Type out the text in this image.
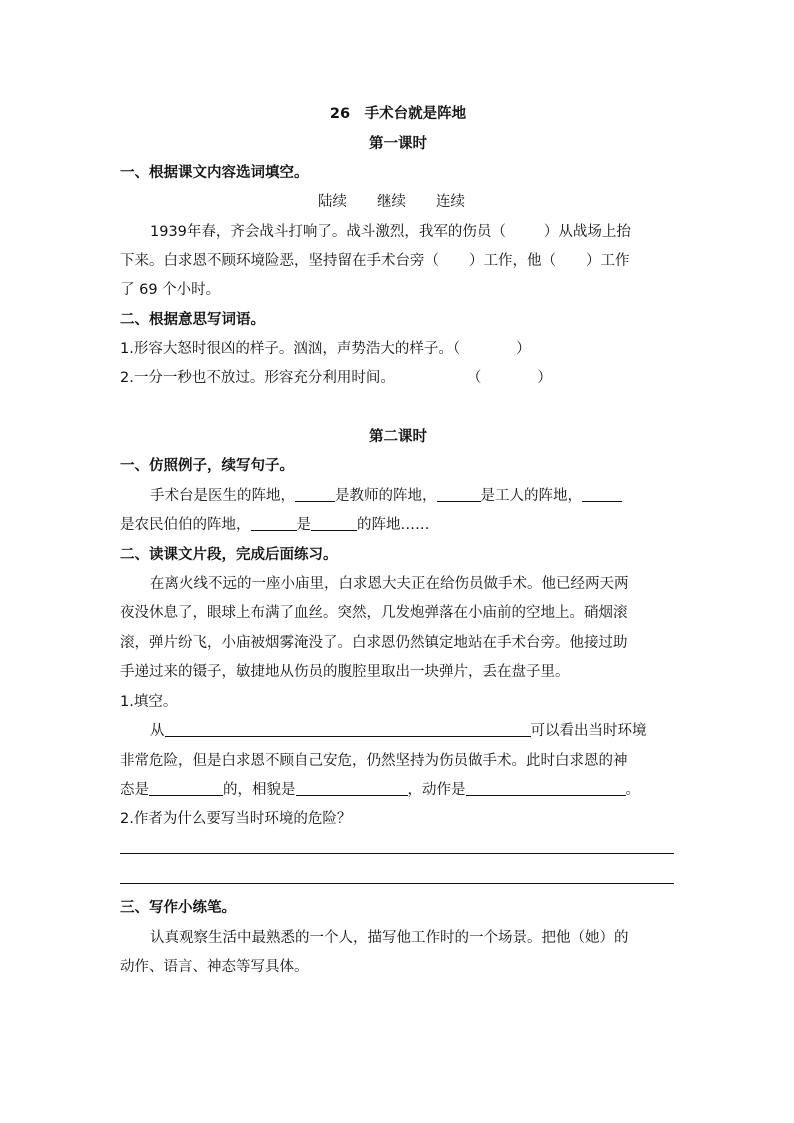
26　手术台就是阵地
第一课时
一、根据课文内容选词填空。
陆续 继续 连续
1939年春，齐会战斗打响了。战斗激烈，我军的伤员（	）从战场上抬
下来。白求恩不顾环境险恶，坚持留在手术台旁（ ）工作，他（ ）工作
了 69 个小时。
二、根据意思写词语。
1.形容大怒时很凶的样子。汹汹，声势浩大的样子。（	）
2.一分一秒也不放过。形容充分利用时间。	（	）
第二课时
一、仿照例子，续写句子。
手术台是医生的阵地，	是教师的阵地，	是工人的阵地，
是农民伯伯的阵地，	是	的阵地……
二、读课文片段，完成后面练习。
在离火线不远的一座小庙里，白求恩大夫正在给伤员做手术。他已经两天两
夜没休息了，眼球上布满了血丝。突然，几发炮弹落在小庙前的空地上。硝烟滚
滚，弹片纷飞，小庙被烟雾淹没了。白求恩仍然镇定地站在手术台旁。他接过助
手递过来的镊子，敏捷地从伤员的腹腔里取出一块弹片，丢在盘子里。
1.填空。
从	可以看出当时环境
非常危险，但是白求恩不顾自己安危，仍然坚持为伤员做手术。此时白求恩的神
态是	的，相貌是	，动作是	。
2.作者为什么要写当时环境的危险？
三、写作小练笔。
认真观察生活中最熟悉的一个人，描写他工作时的一个场景。把他（她）的
动作、语言、神态等写具体。
